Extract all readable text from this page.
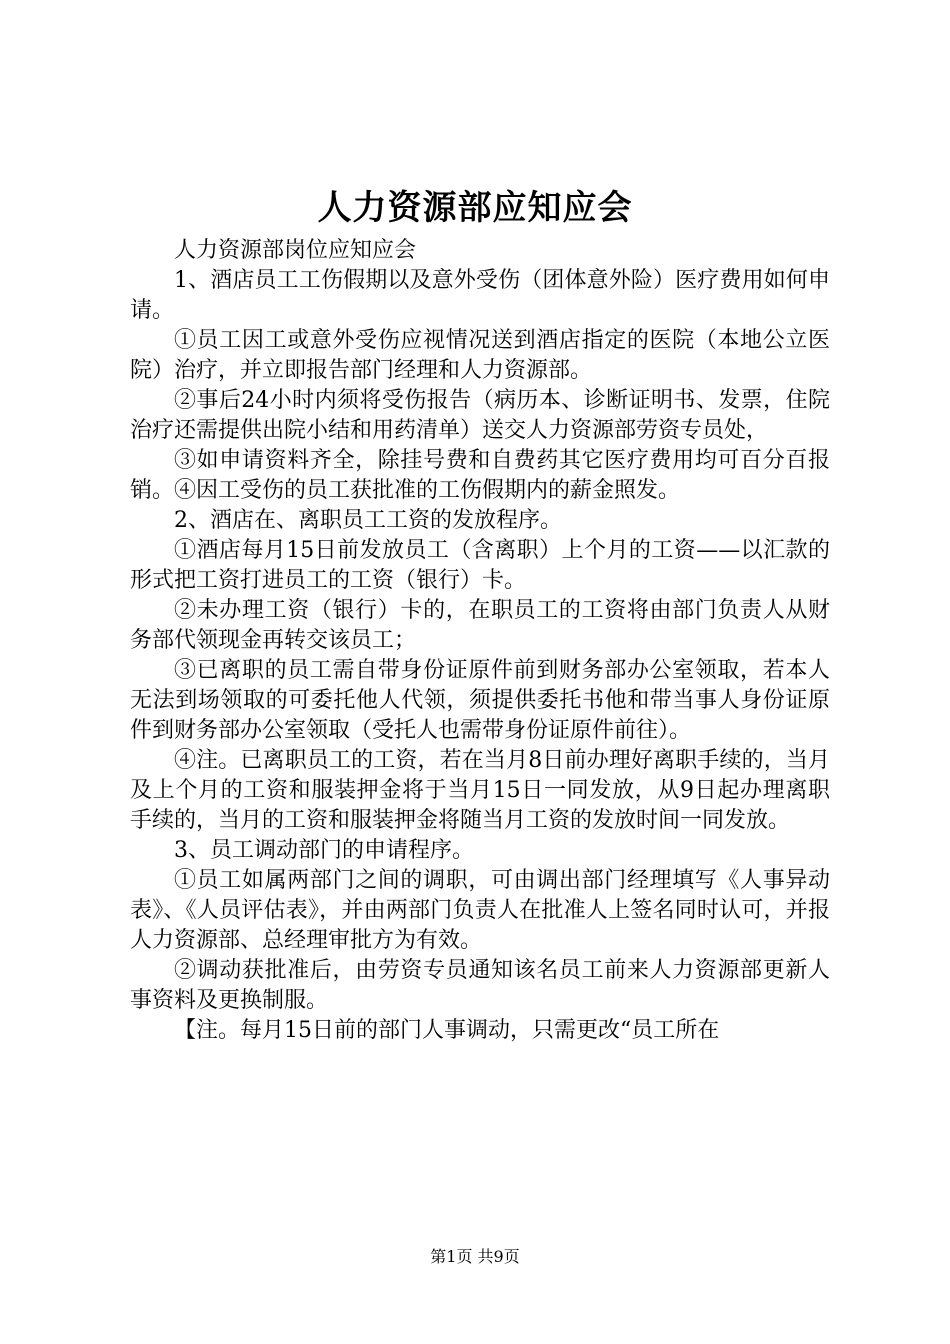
人力资源部应知应会

人力资源部岗位应知应会

1、酒店员工工伤假期以及意外受伤（团体意外险）医疗费用如何申请。

①员工因工或意外受伤应视情况送到酒店指定的医院（本地公立医院）治疗，并立即报告部门经理和人力资源部。

②事后24小时内须将受伤报告（病历本、诊断证明书、发票，住院治疗还需提供出院小结和用药清单）送交人力资源部劳资专员处，

③如申请资料齐全，除挂号费和自费药其它医疗费用均可百分百报销。④因工受伤的员工获批准的工伤假期内的薪金照发。

2、酒店在、离职员工工资的发放程序。

①酒店每月15日前发放员工（含离职）上个月的工资——以汇款的形式把工资打进员工的工资（银行）卡。

②未办理工资（银行）卡的，在职员工的工资将由部门负责人从财务部代领现金再转交该员工；

③已离职的员工需自带身份证原件前到财务部办公室领取，若本人无法到场领取的可委托他人代领，须提供委托书他和带当事人身份证原件到财务部办公室领取（受托人也需带身份证原件前往）。

④注。已离职员工的工资，若在当月8日前办理好离职手续的，当月及上个月的工资和服装押金将于当月15日一同发放，从9日起办理离职手续的，当月的工资和服装押金将随当月工资的发放时间一同发放。

3、员工调动部门的申请程序。

①员工如属两部门之间的调职，可由调出部门经理填写《人事异动表》、《人员评估表》，并由两部门负责人在批准人上签名同时认可，并报人力资源部、总经理审批方为有效。

②调动获批准后，由劳资专员通知该名员工前来人力资源部更新人事资料及更换制服。

【注。每月15日前的部门人事调动，只需更改“员工所在

第1页 共9页
